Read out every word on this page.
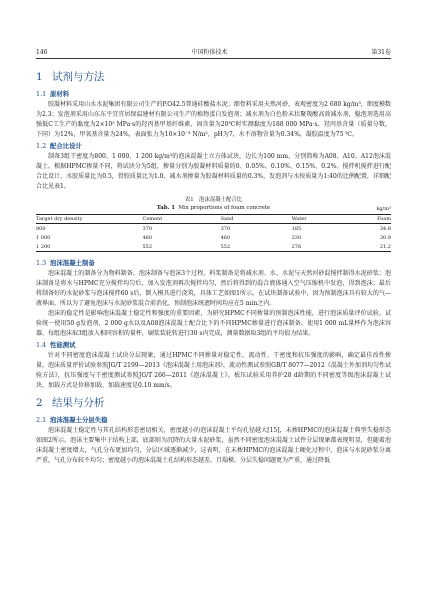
146	中国粉体技术	第31卷
1 试剂与方法
1.1 原材料

胶凝材料采用山水水泥集团有限公司生产的P.O42.5普通硅酸盐水泥；细骨料采用天然河砂，表观密度为2 680 kg/m³，细度模数为2.3；发泡剂采用山东东平宜宜居保温建材有限公司生产的植物蛋白发泡剂；减水剂为白色粉末状聚羧酸高效减水剂，稳泡剂选用高强低C工生产的黏度为2×10⁵ MPa·s的羟丙基甲基纤维素，固含量为20℃时实测黏度为188 000 MPa·s，羟丙基含量（质量分数，下同）为12%，甲氧基含量为24%，表面张力为10×10⁻³ N/m²，pH为7，水不溶物含量为0.34%，凝胶温度为75 ℃。

1.2 配合比设计

制备3组干密度为800、1 000、1 200 kg/m³的泡沫混凝土立方体试块，边长为100 mm，分别简称为A08、A10、A12泡沫混凝土。根据HPMC掺量不同，将试块分为5组，掺量分别为胶凝材料质量的0、0.05%、0.10%、0.15%、0.2%。搅拌机搅拌进行配合比设计，水胶质量比为0.5，骨胶质量比为1.0，减水剂掺量为胶凝材料质量的0.3%，发泡剂与水按质量为1:40的比例配置，详细配合比见表1。

表1　泡沫混凝土配合比
Tab. 1 Mix proportions of foam concrete	kg/m³
Target dry density	Cement	Sand	Water	Foam
800	370	370	185	34.8
1 000	460	460	230	30.9
1 200	552	552	276	21.2
1.3 泡沫混凝土制备

泡沫混凝土的制备分为物料制备、泡沫制备与泡沫3个过程，料浆制备是将减水剂、水、水泥与天然河砂混搅拌制得水泥砂浆；泡沫制备是将水与HPMC充分搅拌均匀后，加入发泡剂再次搅拌均匀，然后将得到的混合液体通入空气压缩机中发泡，得到泡沫；最后将制备好的水泥砂浆与泡沫搅拌60 s后，倒入模具进行浇筑，具体工艺如图1所示。在试块制备试验中，因为预制泡沫具有较大的气—液界面，所以为了避免泡沫与水泥砂浆混合前消化，预制泡沫统遮时间均应在5 min之内。

泡沫的稳定性是影响泡沫混凝土稳定性和强度的重要因素，为研究HPMC不同掺量的预制泡沫性能，进行泡沫质量评价试验。试验统一使用50 g发泡剂，2 000 g水以及A08泡沫混凝土配合比下的不同HPMC掺量进行泡沫制备。使用1 000 mL量杯作为泡沫容器，每组泡沫取3组放入相同容积的量杯，刷浆装轮转进行30 s内完成，测量数据取3组的平均值为结果。

1.4 性能测试

针对不同密度泡沫混凝土试块分层现象，通过HPMC不同掺量对稳定性、流动性、干密度和抗压强度的影响，确定最佳改性掺量。泡沫质量评价试验参照JG/T 2199—2013《泡沫混凝土用泡沫剂》，流动性测试参照GB/T 8077—2012《混凝土外加剂均匀性试验方法》，抗压强度与干密度测试参照JG/T 266—2011《泡沫混凝土》。板压试验采用养护28 d龄期的不同密度等级泡沫混凝土试块，加载方式是位移加载，加载速度是0.10 mm/s。

2 结果与分析
2.1 泡沫混凝土分层失稳

泡沫混凝土稳定性与其孔结构形态密切相关，密度越小的泡沫混凝土平均孔径越大[15]，未掺HPMC的泡沫混凝土典型失稳形态如图2所示。泡沫主要集中于结构上部，底部则为沉降的大量水泥砂浆，虽然不同密度泡沫混凝土试件分层现象都表现明显，但随着泡沫混凝土密度增大，气孔分布更加均匀，分层区域逐渐减少，这表明，在未掺HPMC的泡沫混凝土硬化过程中，泡沫与水泥砂浆分离严重，气孔分布较不均匀；密度越小的泡沫混凝土孔结构形态越差，且塌模、分层失稳问题更为严重，通过降低
